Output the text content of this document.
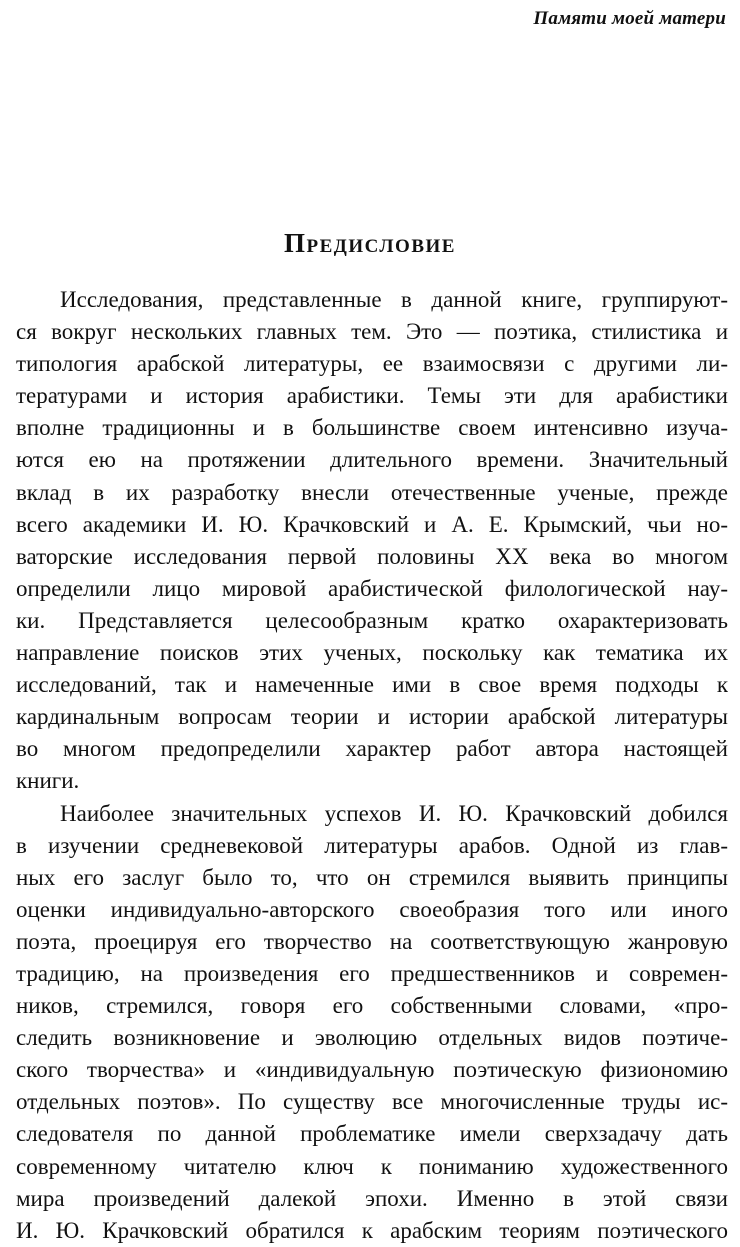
Памяти моей матери
Предисловие
Исследования, представленные в данной книге, группируют-
ся вокруг нескольких главных тем. Это — поэтика, стилистика и
типология арабской литературы, ее взаимосвязи с другими ли-
тературами и история арабистики. Темы эти для арабистики
вполне традиционны и в большинстве своем интенсивно изуча-
ются ею на протяжении длительного времени. Значительный
вклад в их разработку внесли отечественные ученые, прежде
всего академики И. Ю. Крачковский и А. Е. Крымский, чьи но-
ваторские исследования первой половины XX века во многом
определили лицо мировой арабистической филологической нау-
ки. Представляется целесообразным кратко охарактеризовать
направление поисков этих ученых, поскольку как тематика их
исследований, так и намеченные ими в свое время подходы к
кардинальным вопросам теории и истории арабской литературы
во многом предопределили характер работ автора настоящей
книги.
Наиболее значительных успехов И. Ю. Крачковский добился
в изучении средневековой литературы арабов. Одной из глав-
ных его заслуг было то, что он стремился выявить принципы
оценки индивидуально-авторского своеобразия того или иного
поэта, проецируя его творчество на соответствующую жанровую
традицию, на произведения его предшественников и современ-
ников, стремился, говоря его собственными словами, «про-
следить возникновение и эволюцию отдельных видов поэтиче-
ского творчества» и «индивидуальную поэтическую физиономию
отдельных поэтов». По существу все многочисленные труды ис-
следователя по данной проблематике имели сверхзадачу дать
современному читателю ключ к пониманию художественного
мира произведений далекой эпохи. Именно в этой связи
И. Ю. Крачковский обратился к арабским теориям поэтического
